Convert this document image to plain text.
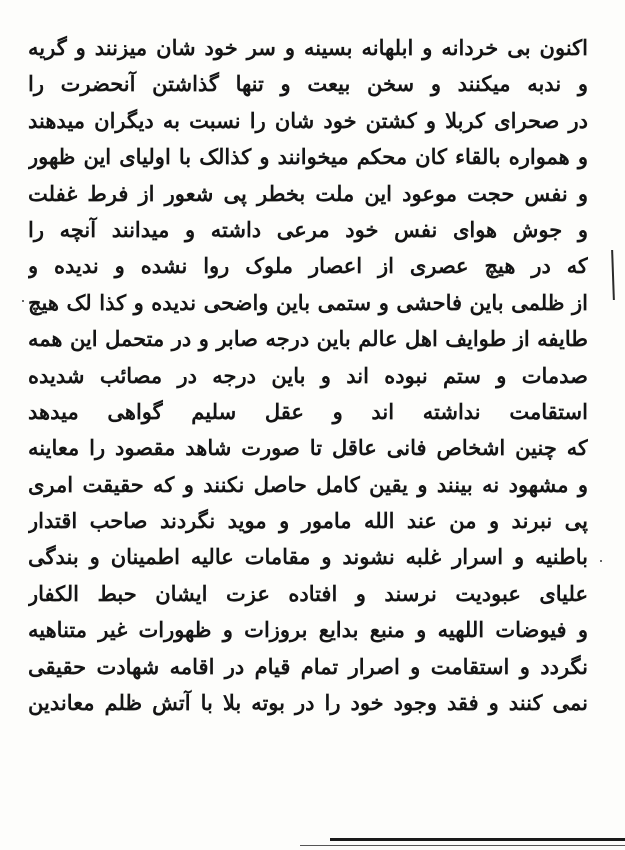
اکنون بی خردانه و ابلهانه بسینه و سر خود شان میزنند و گریه
و ندبه میکنند و سخن بیعت و تنها گذاشتن آنحضرت را
در صحرای کربلا و کشتن خود شان را نسبت به دیگران میدهند
و همواره بالقاء کان محکم میخوانند و کذالک با اولیای این ظهور
و نفس حجت موعود این ملت بخطر پی شعور از فرط غفلت
و جوش هوای نفس خود مرعی داشته و میدانند آنچه را
که در هیچ عصری از اعصار ملوک روا نشده و ندیده و
از ظلمی باین فاحشی و ستمی باین واضحی ندیده و کذا لک هیچ
طایفه از طوایف اهل عالم باین درجه صابر و در متحمل این همه
صدمات و ستم نبوده اند و باین درجه در مصائب شدیده
استقامت نداشته اند و عقل سلیم گواهی میدهد
که چنین اشخاص فانی عاقل تا صورت شاهد مقصود را معاینه
و مشهود نه بینند و یقین کامل حاصل نکنند و که حقیقت امری
پی نبرند و من عند الله مامور و موید نگردند صاحب اقتدار
باطنیه و اسرار غلبه نشوند و مقامات عالیه اطمینان و بندگی
علیای عبودیت نرسند و افتاده عزت ایشان حبط الکفار
و فیوضات اللهیه و منبع بدایع بروزات و ظهورات غیر متناهیه
نگردد و استقامت و اصرار تمام قیام در اقامه شهادت حقیقی
نمی کنند و فقد وجود خود را در بوته بلا با آتش ظلم معاندین
